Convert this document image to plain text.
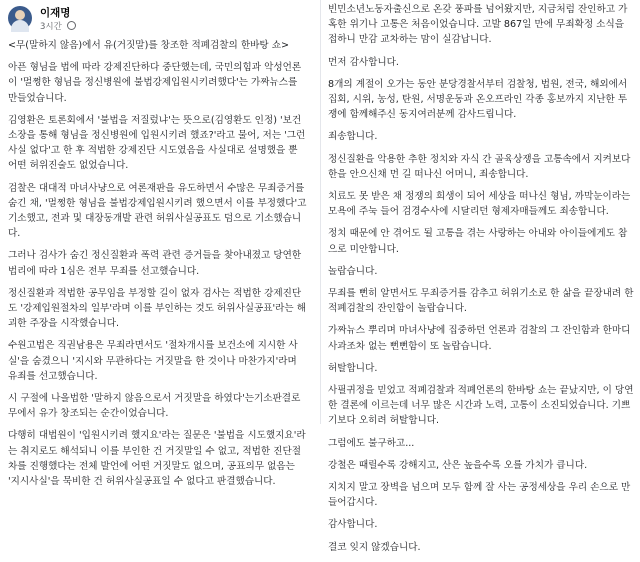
이재명
3시간

<무(말하지 않음)에서 유(거짓말)를 창조한 적폐검찰의 한바탕 쇼>

아픈 형님을 법에 따라 강제진단하다 중단했는데, 국민의힘과 악성언론이 '멀쩡한 형님을 정신병원에 불법강제입원시키려했다'는 가짜뉴스를 만들었습니다.

김영환은 토론회에서 '불법을 저질렀냐'는 뜻으로(김영환도 인정) '보건소장을 통해 형님을 정신병원에 입원시키려 했죠?'라고 물어, 저는 '그런 사실 없다'고 한 후 적법한 강제진단 시도였음을 사실대로 설명했을 뿐 어떤 허위진술도 없었습니다.

검찰은 대대적 마녀사냥으로 여론재판을 유도하면서 수많은 무죄증거를 숨긴 채, '멀쩡한 형님을 불법강제입원시키려 했으면서 이를 부정했다'고 기소했고, 전과 및 대장동개발 관련 허위사실공표도 덤으로 기소했습니다.

그러나 검사가 숨긴 정신질환과 폭력 관련 증거들을 찾아내졌고 당연한 법리에 따라 1심은 전부 무죄를 선고했습니다.

정신질환과 적법한 공무임을 부정할 길이 없자 검사는 적법한 강제진단도 '강제입원절차의 일부'라며 이를 부인하는 것도 허위사실공표'라는 해괴한 주장을 시작했습니다.

수원고법은 직권남용은 무죄라면서도 '절차개시를 보건소에 지시한 사실'을 숨겼으니 '지시와 무관하다는 거짓말을 한 것이나 마찬가지'라며 유죄를 선고했습니다.

시 구절에 나올법한 '말하지 않음으로서 거짓말을 하였다'는기소판결로 무에서 유가 창조되는 순간이었습니다.

다행히 대법원이 '입원시키려 했지요'라는 질문은 '불법을 시도했지요'라는 취지로도 해석되니 이를 부인한 건 거짓말일 수 없고, 적법한 진단절차를 진행했다는 전체 발언에 어떤 거짓말도 없으며, 공표의무 없음는 '지시사실'을 묵비한 건 허위사실공표일 수 없다고 판결했습니다.

빈민소년노동자출신으로 온갖 풍파를 넘어왔지만, 지금처럼 잔인하고 가혹한 위기나 고통은 처음이었습니다. 고발 867일 만에 무죄확정 소식을 접하니 만감 교차하는 맘이 실감납니다.

먼저 감사합니다.

8개의 계절이 오가는 동안 분당경찰서부터 검찰청, 법원, 전국, 해외에서 집회, 시위, 농성, 탄원, 서명운동과 온오프라인 각종 홍보까지 지난한 투쟁에 함께해주신 동지여러분께 감사드립니다.

죄송합니다.

정신질환을 악용한 추한 정치와 자식 간 골육상쟁을 고통속에서 지켜보다 한을 안으신채 먼 길 떠나신 어머니, 죄송합니다.

치료도 못 받은 채 정쟁의 희생이 되어 세상을 떠나신 형님, 까막눈이라는 모욕에 주눅 들어 검경수사에 시달리던 형제자매들께도 죄송합니다.

정치 때문에 안 겪어도 될 고통을 겪는 사랑하는 아내와 아이들에게도 참으로 미안합니다.

놀랍습니다.

무죄를 뻔히 알면서도 무죄증거를 감추고 허위기소로 한 삶을 끝장내려 한 적폐검찰의 잔인함이 놀랍습니다.

가짜뉴스 뿌리며 마녀사냥에 집중하던 언론과 검찰의 그 잔인함과 한마디 사과조차 없는 뻔뻔함이 또 놀랍습니다.

허탈합니다.

사필귀정을 믿었고 적폐검찰과 적폐언론의 한바탕 쇼는 끝났지만, 이 당연한 결론에 이르는데 너무 많은 시간과 노력, 고통이 소진되었습니다. 기쁘기보다 오히려 허탈합니다.

그럼에도 불구하고...

강철은 때릴수록 강해지고, 산은 높을수록 오를 가치가 큽니다.

지치지 말고 장벽을 넘으며 모두 함께 잘 사는 공정세상을 우리 손으로 만들어갑시다.

감사합니다.

결코 잊지 않겠습니다.
